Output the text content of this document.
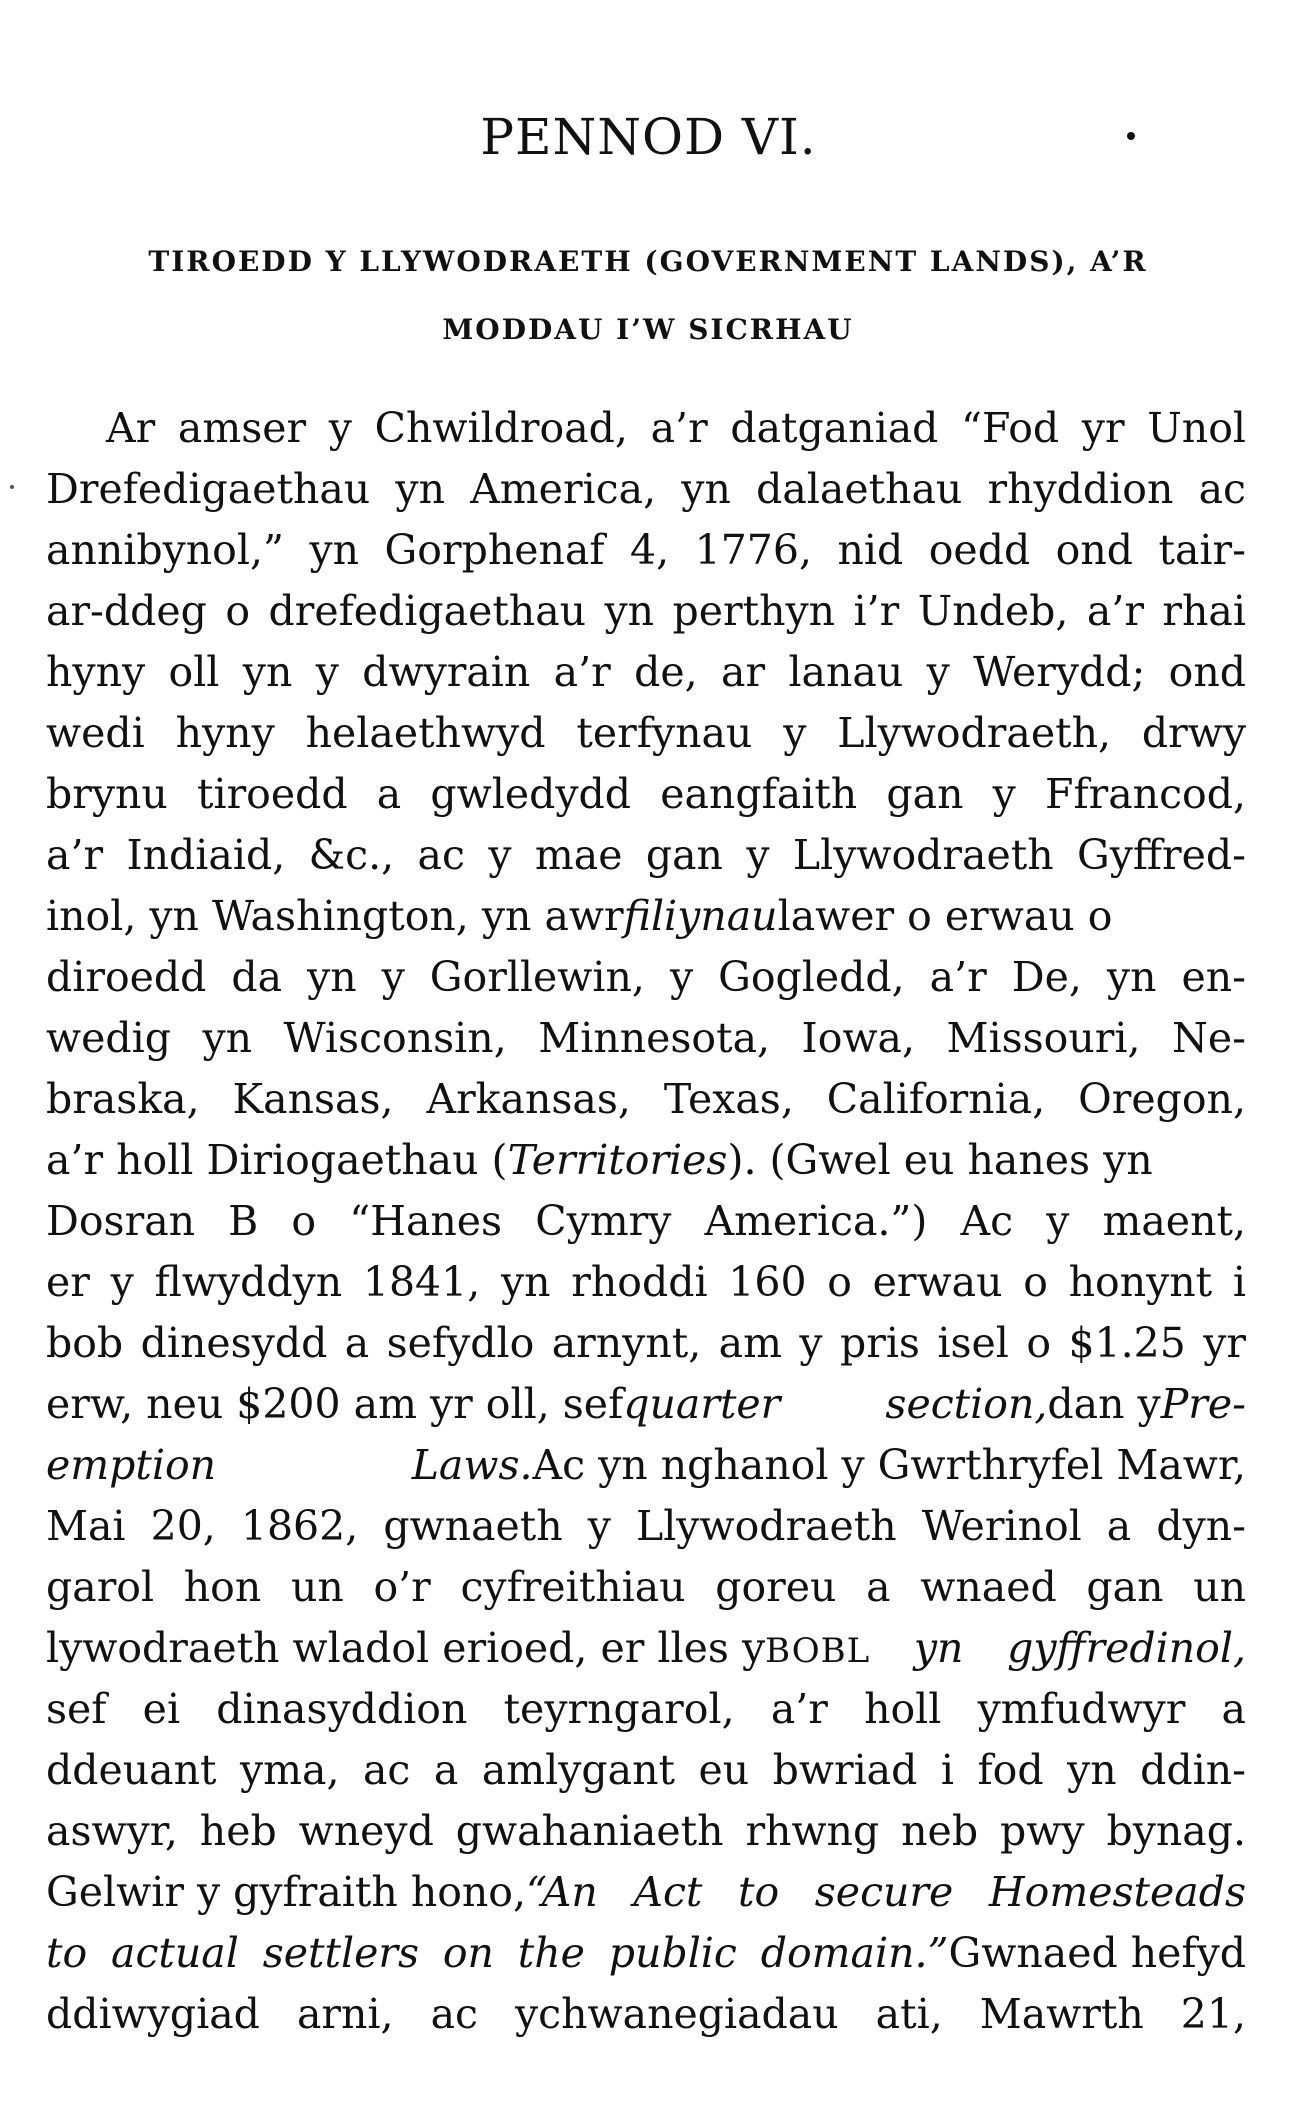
PENNOD VI.
TIROEDD Y LLYWODRAETH (GOVERNMENT LANDS), A’R
MODDAU I’W SICRHAU
Ar amser y Chwildroad, a’r datganiad “Fod yr Unol
Drefedigaethau yn America, yn dalaethau rhyddion ac
annibynol,” yn Gorphenaf 4, 1776, nid oedd ond tair-
ar-ddeg o drefedigaethau yn perthyn i’r Undeb, a’r rhai
hyny oll yn y dwyrain a’r de, ar lanau y Werydd; ond
wedi hyny helaethwyd terfynau y Llywodraeth, drwy
brynu tiroedd a gwledydd eangfaith gan y Ffrancod,
a’r Indiaid, &c., ac y mae gan y Llywodraeth Gyffred-
inol, yn Washington, yn awrfiliynaulawer o erwau o
diroedd da yn y Gorllewin, y Gogledd, a’r De, yn en-
wedig yn Wisconsin, Minnesota, Iowa, Missouri, Ne-
braska, Kansas, Arkansas, Texas, California, Oregon,
a’r holl Diriogaethau (Territories). (Gwel eu hanes yn
Dosran B o “Hanes Cymry America.”) Ac y maent,
er y flwyddyn 1841, yn rhoddi 160 o erwau o honynt i
bob dinesydd a sefydlo arnynt, am y pris isel o $1.25 yr
erw, neu $200 am yr oll, sefquarter section,dan yPre-
emption Laws.Ac yn nghanol y Gwrthryfel Mawr,
Mai 20, 1862, gwnaeth y Llywodraeth Werinol a dyn-
garol hon un o’r cyfreithiau goreu a wnaed gan un
lywodraeth wladol erioed, er lles yBOBL yn gyffredinol,
sef ei dinasyddion teyrngarol, a’r holl ymfudwyr a
ddeuant yma, ac a amlygant eu bwriad i fod yn ddin-
aswyr, heb wneyd gwahaniaeth rhwng neb pwy bynag.
Gelwir y gyfraith hono,“An Act to secure Homesteads
to actual settlers on the public domain.”Gwnaed hefyd
ddiwygiad arni, ac ychwanegiadau ati, Mawrth 21,
